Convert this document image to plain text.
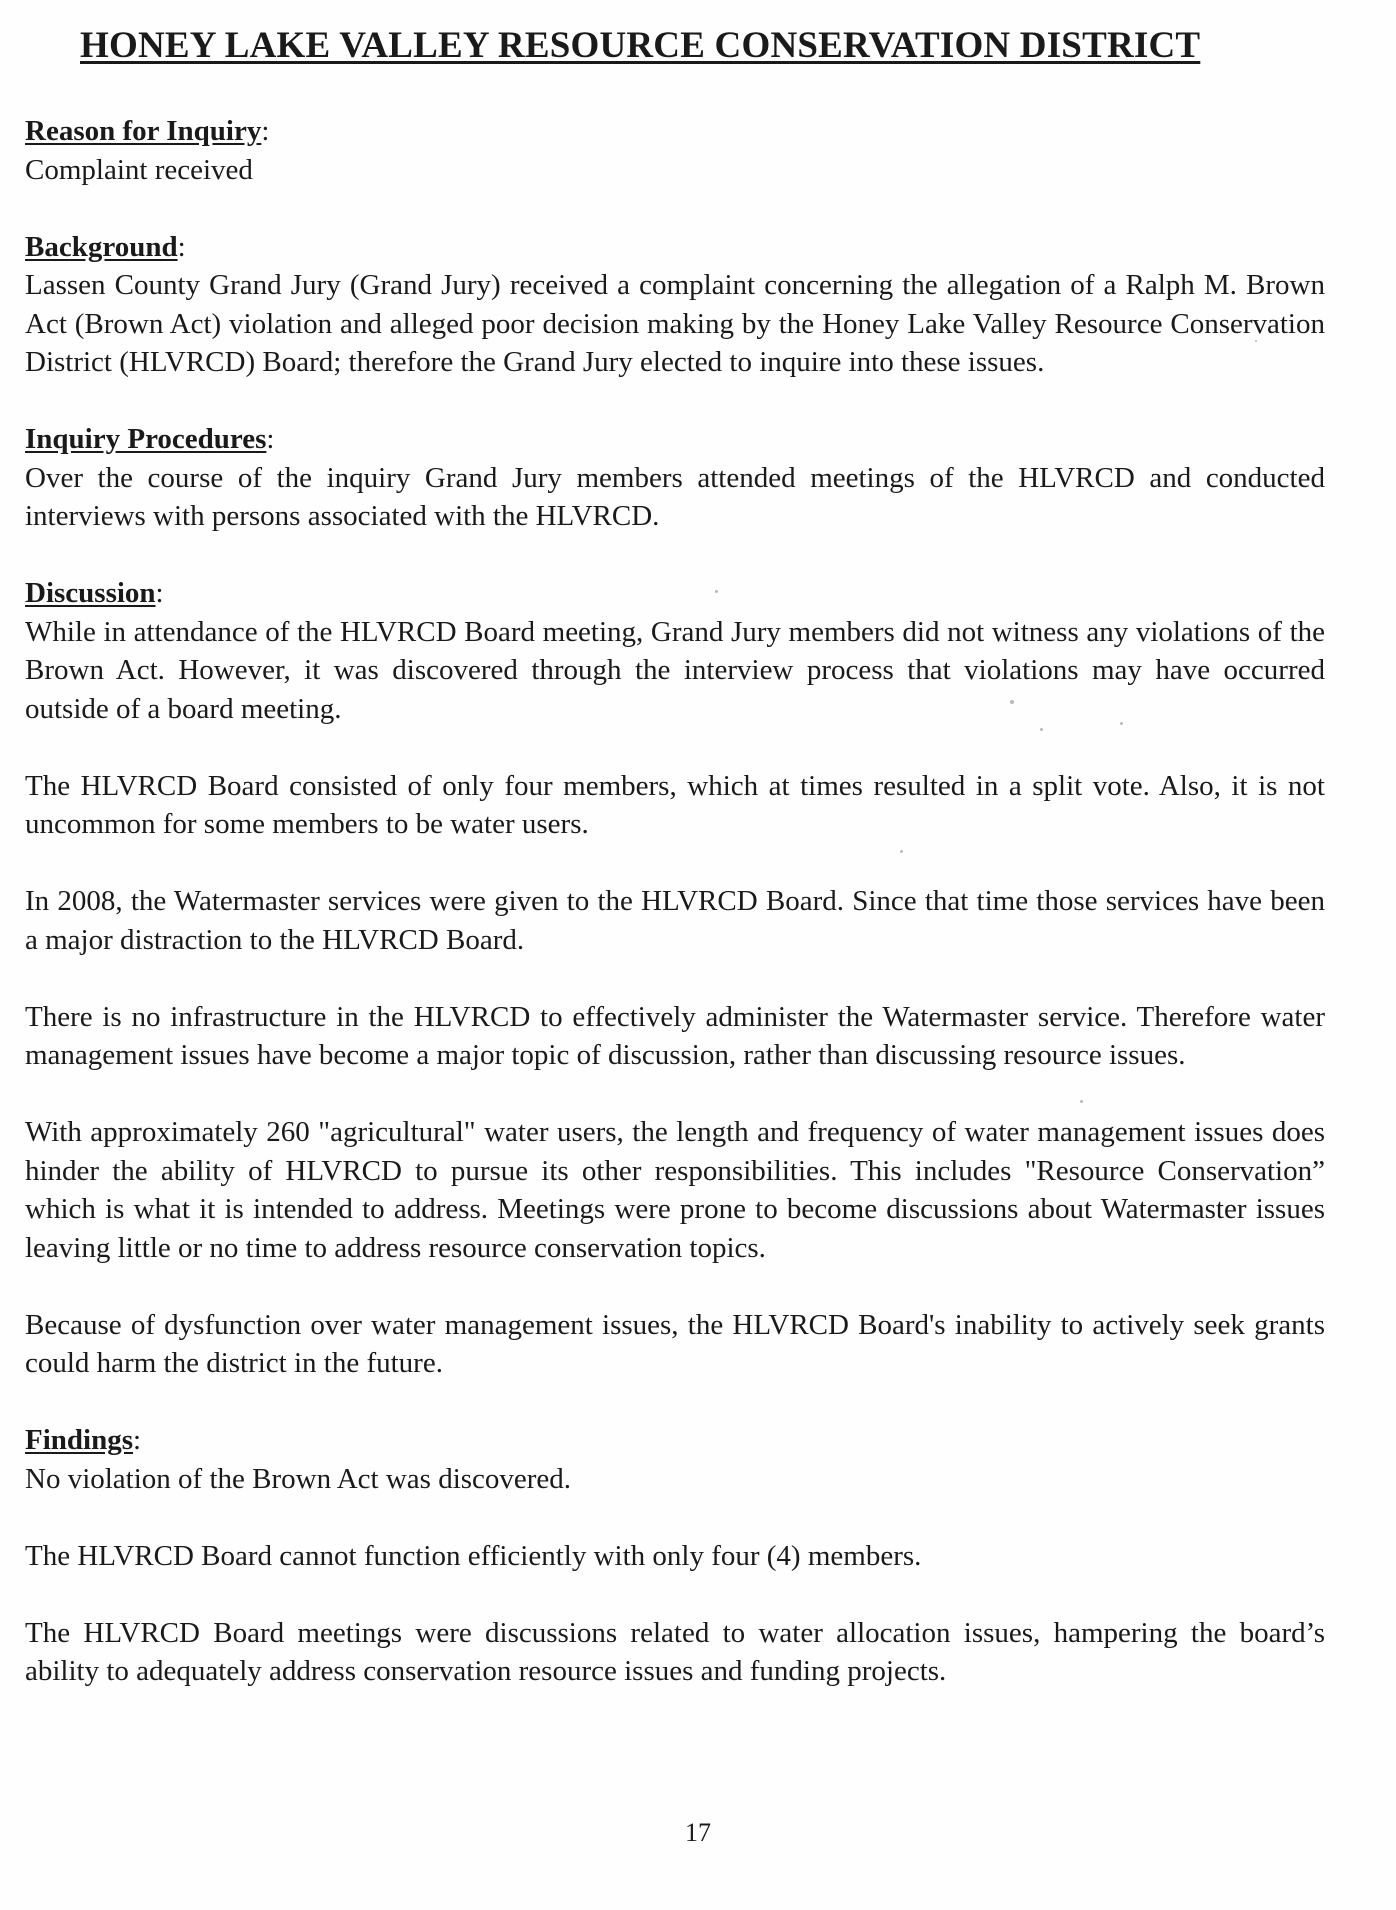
HONEY LAKE VALLEY RESOURCE CONSERVATION DISTRICT

Reason for Inquiry:

Complaint received

Background:

Lassen County Grand Jury (Grand Jury) received a complaint concerning the allegation of a Ralph M. Brown Act (Brown Act) violation and alleged poor decision making by the Honey Lake Valley Resource Conservation District (HLVRCD) Board; therefore the Grand Jury elected to inquire into these issues.

Inquiry Procedures:

Over the course of the inquiry Grand Jury members attended meetings of the HLVRCD and conducted interviews with persons associated with the HLVRCD.

Discussion:

While in attendance of the HLVRCD Board meeting, Grand Jury members did not witness any violations of the Brown Act. However, it was discovered through the interview process that violations may have occurred outside of a board meeting.

The HLVRCD Board consisted of only four members, which at times resulted in a split vote. Also, it is not uncommon for some members to be water users.

In 2008, the Watermaster services were given to the HLVRCD Board. Since that time those services have been a major distraction to the HLVRCD Board.

There is no infrastructure in the HLVRCD to effectively administer the Watermaster service. Therefore water management issues have become a major topic of discussion, rather than discussing resource issues.

With approximately 260 "agricultural" water users, the length and frequency of water management issues does hinder the ability of HLVRCD to pursue its other responsibilities. This includes "Resource Conservation” which is what it is intended to address. Meetings were prone to become discussions about Watermaster issues leaving little or no time to address resource conservation topics.

Because of dysfunction over water management issues, the HLVRCD Board's inability to actively seek grants could harm the district in the future.

Findings:

No violation of the Brown Act was discovered.

The HLVRCD Board cannot function efficiently with only four (4) members.

The HLVRCD Board meetings were discussions related to water allocation issues, hampering the board’s ability to adequately address conservation resource issues and funding projects.

17
